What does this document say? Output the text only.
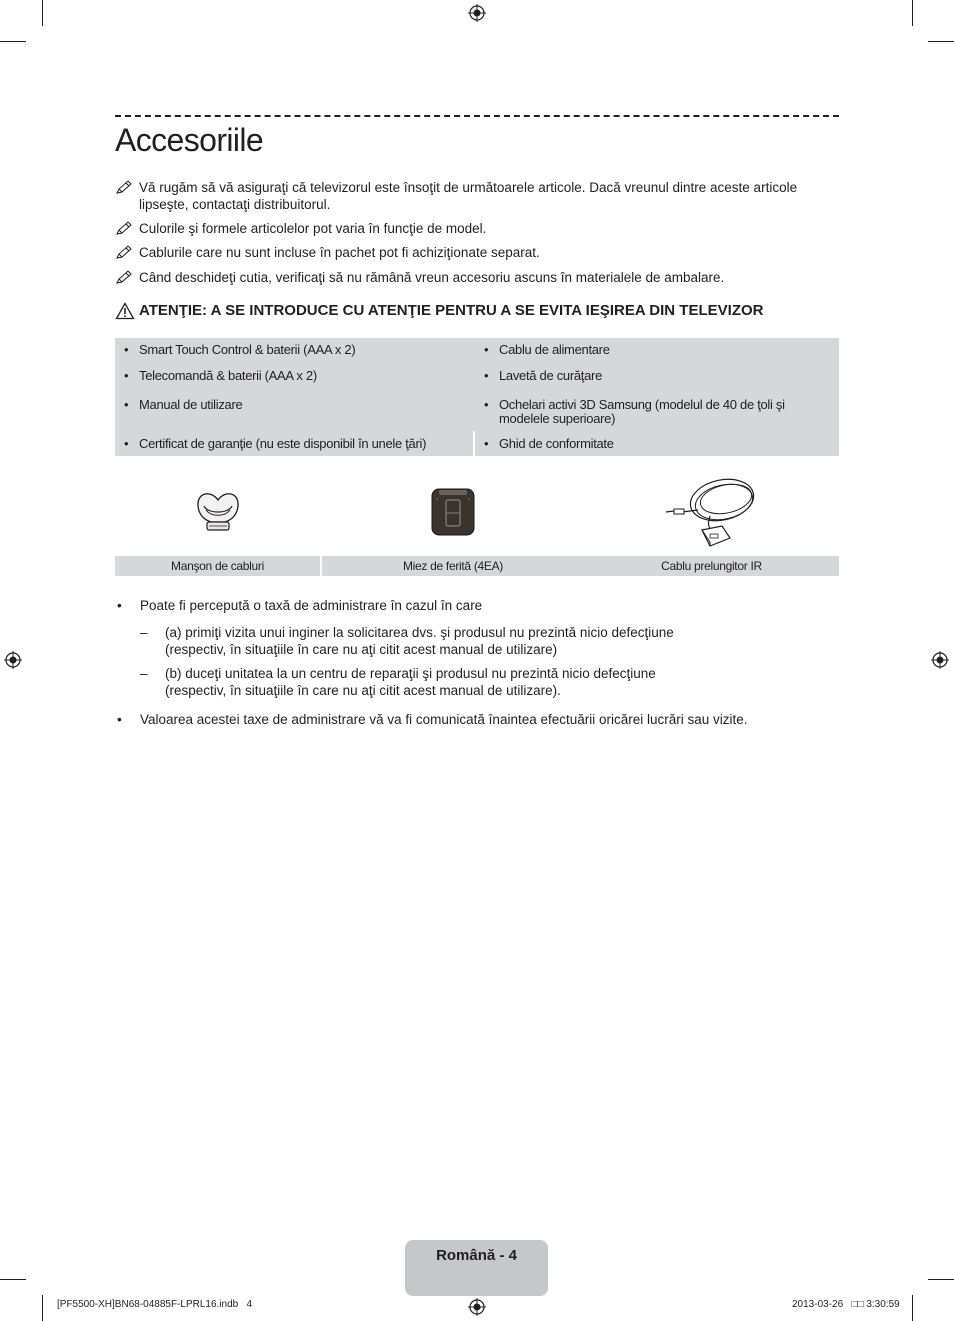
Accesoriile
Vă rugăm să vă asiguraţi că televizorul este însoţit de următoarele articole. Dacă vreunul dintre aceste articole lipseşte, contactaţi distribuitorul.
Culorile şi formele articolelor pot varia în funcţie de model.
Cablurile care nu sunt incluse în pachet pot fi achiziţionate separat.
Când deschideţi cutia, verificaţi să nu rămână vreun accesoriu ascuns în materialele de ambalare.
ATENŢIE: A SE INTRODUCE CU ATENŢIE PENTRU A SE EVITA IEŞIREA DIN TELEVIZOR
• Smart Touch Control & baterii (AAA x 2)
• Telecomandă & baterii (AAA x 2)
• Manual de utilizare
• Certificat de garanţie (nu este disponibil în unele ţări)
• Cablu de alimentare
• Lavetă de curăţare
• Ochelari activi 3D Samsung (modelul de 40 de ţoli şi modelele superioare)
• Ghid de conformitate
Manşon de cabluri	Miez de ferită (4EA)	Cablu prelungitor IR
• Poate fi percepută o taxă de administrare în cazul în care
– (a) primiţi vizita unui inginer la solicitarea dvs. şi produsul nu prezintă nicio defecţiune
(respectiv, în situaţiile în care nu aţi citit acest manual de utilizare)
– (b) duceţi unitatea la un centru de reparaţii şi produsul nu prezintă nicio defecţiune
(respectiv, în situaţiile în care nu aţi citit acest manual de utilizare).
• Valoarea acestei taxe de administrare vă va fi comunicată înaintea efectuării oricărei lucrări sau vizite.
Română - 4
[PF5500-XH]BN68-04885F-LPRL16.indb   4	2013-03-26   □□ 3:30:59
